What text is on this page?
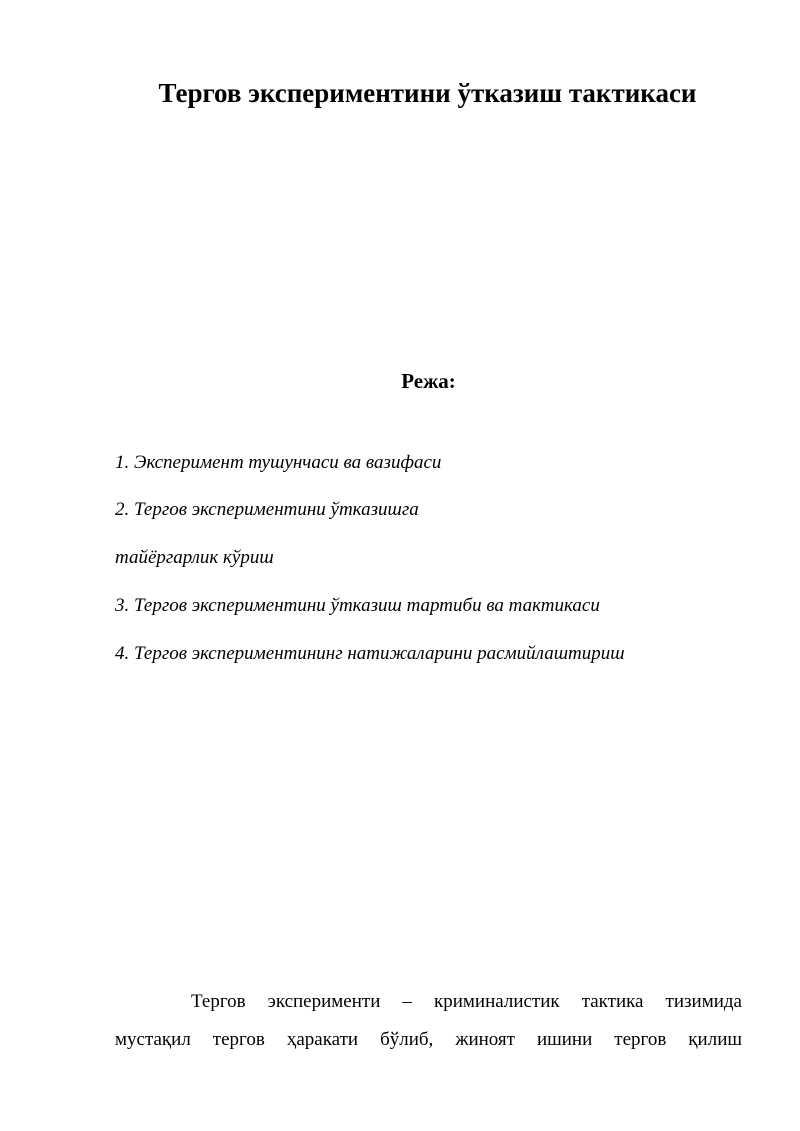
Тергов экспериментини ўтказиш тактикаси
Режа:
1. Эксперимент тушунчаси ва вазифаси
2. Тергов экспериментини ўтказишга
тайёргарлик кўриш
3. Тергов экспериментини ўтказиш тартиби ва тактикаси
4. Тергов экспериментининг натижаларини расмийлаштириш

Тергов эксперименти – криминалистик тактика тизимида

мустақил тергов ҳаракати бўлиб, жиноят ишини тергов қилиш
